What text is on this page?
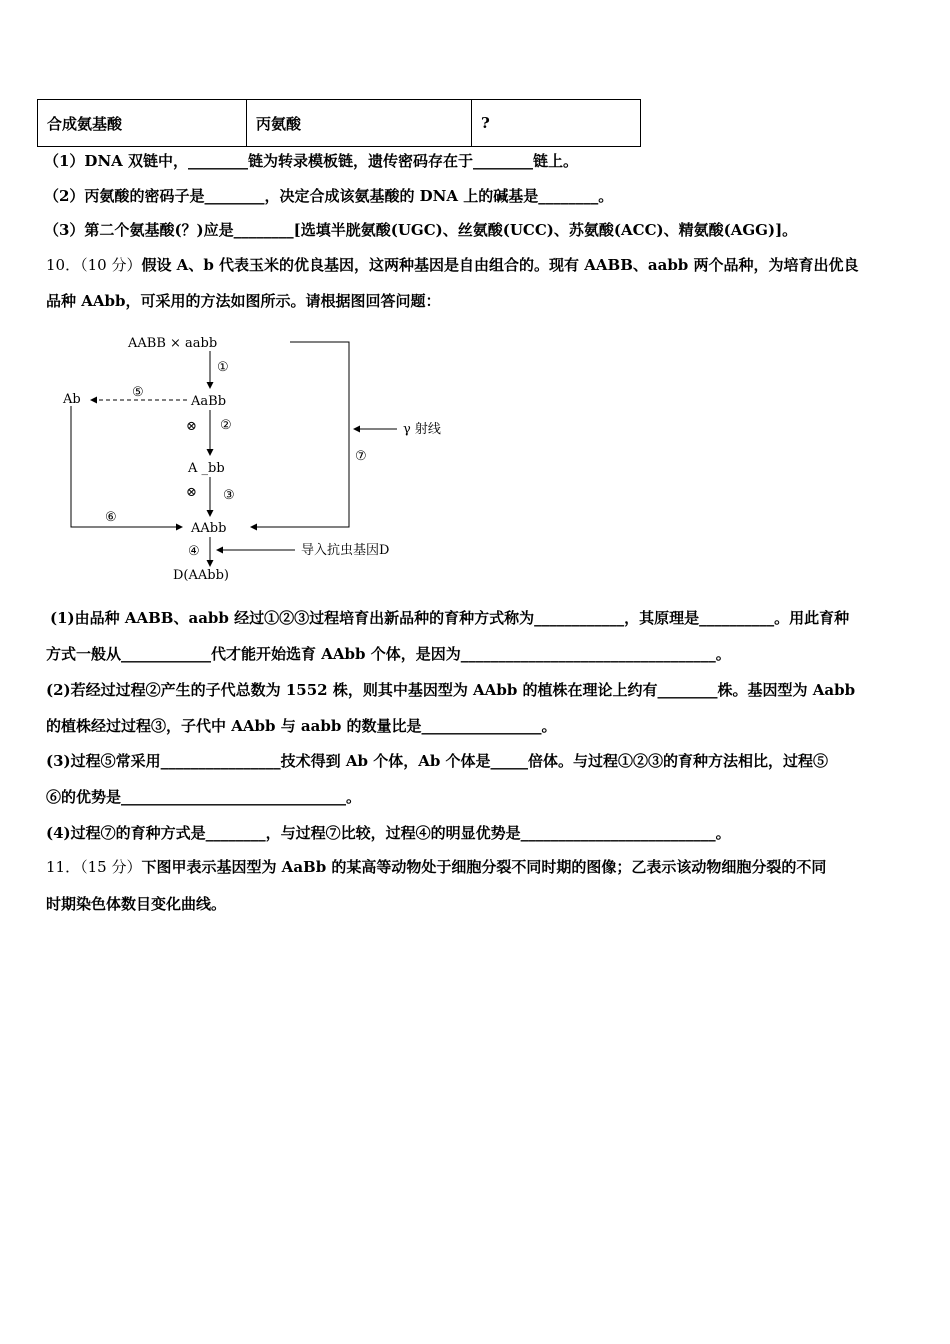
合成氨基酸	丙氨酸	?
（1）DNA 双链中，________链为转录模板链，遗传密码存在于________链上。
（2）丙氨酸的密码子是________，决定合成该氨基酸的 DNA 上的碱基是________。
（3）第二个氨基酸(？)应是________[选填半胱氨酸(UGC)、丝氨酸(UCC)、苏氨酸(ACC)、精氨酸(AGG)]。
10．（10 分）假设 A、b 代表玉米的优良基因，这两种基因是自由组合的。现有 AABB、aabb 两个品种，为培育出优良
品种 AAbb，可采用的方法如图所示。请根据图回答问题：
AABB × aabb
①
AaBb
⑤
Ab
⊗ ②
A _bb
⊗ ③
AAbb
⑥
⑦
γ 射线
④	导入抗虫基因D
D(AAbb)
(1)由品种 AABB、aabb 经过①②③过程培育出新品种的育种方式称为____________，其原理是__________。用此育种
方式一般从____________代才能开始选育 AAbb 个体，是因为__________________________________。
(2)若经过过程②产生的子代总数为 1552 株，则其中基因型为 AAbb 的植株在理论上约有________株。基因型为 Aabb
的植株经过过程③，子代中 AAbb 与 aabb 的数量比是________________。
(3)过程⑤常采用________________技术得到 Ab 个体，Ab 个体是_____倍体。与过程①②③的育种方法相比，过程⑤
⑥的优势是______________________________。
(4)过程⑦的育种方式是________，与过程⑦比较，过程④的明显优势是__________________________。
11．（15 分）下图甲表示基因型为 AaBb 的某高等动物处于细胞分裂不同时期的图像；乙表示该动物细胞分裂的不同
时期染色体数目变化曲线。
